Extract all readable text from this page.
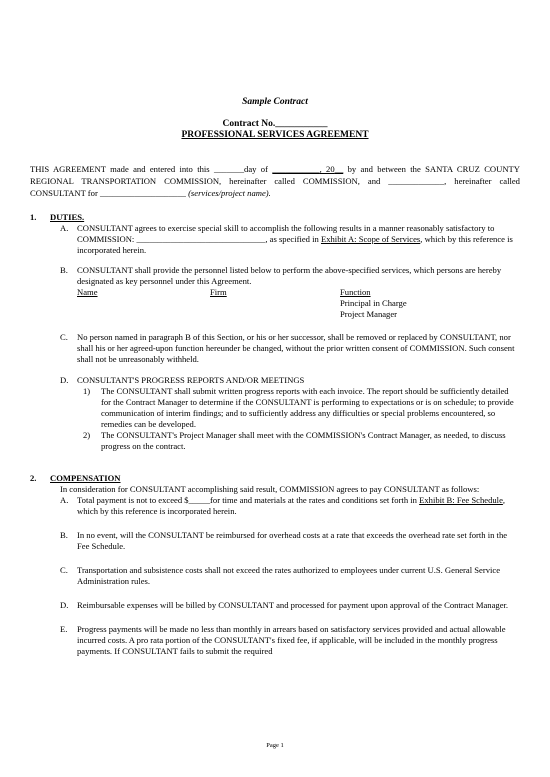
Sample Contract
Contract No.___________
PROFESSIONAL SERVICES AGREEMENT
THIS AGREEMENT made and entered into this _______day of ___________, 20__ by and between the SANTA CRUZ COUNTY REGIONAL TRANSPORTATION COMMISSION, hereinafter called COMMISSION, and _____________, hereinafter called CONSULTANT for ____________________ (services/project name).
1. DUTIES.
A. CONSULTANT agrees to exercise special skill to accomplish the following results in a manner reasonably satisfactory to COMMISSION: ______________________________, as specified in Exhibit A: Scope of Services, which by this reference is incorporated herein.
B. CONSULTANT shall provide the personnel listed below to perform the above-specified services, which persons are hereby designated as key personnel under this Agreement.
Name	Firm	Function
Principal in Charge
Project Manager
C. No person named in paragraph B of this Section, or his or her successor, shall be removed or replaced by CONSULTANT, nor shall his or her agreed-upon function hereunder be changed, without the prior written consent of COMMISSION. Such consent shall not be unreasonably withheld.
D. CONSULTANT'S PROGRESS REPORTS AND/OR MEETINGS
1) The CONSULTANT shall submit written progress reports with each invoice. The report should be sufficiently detailed for the Contract Manager to determine if the CONSULTANT is performing to expectations or is on schedule; to provide communication of interim findings; and to sufficiently address any difficulties or special problems encountered, so remedies can be developed.
2) The CONSULTANT's Project Manager shall meet with the COMMISSION's Contract Manager, as needed, to discuss progress on the contract.
2. COMPENSATION
In consideration for CONSULTANT accomplishing said result, COMMISSION agrees to pay CONSULTANT as follows:
A. Total payment is not to exceed $_____for time and materials at the rates and conditions set forth in Exhibit B: Fee Schedule, which by this reference is incorporated herein.
B. In no event, will the CONSULTANT be reimbursed for overhead costs at a rate that exceeds the overhead rate set forth in the Fee Schedule.
C. Transportation and subsistence costs shall not exceed the rates authorized to employees under current U.S. General Service Administration rules.
D. Reimbursable expenses will be billed by CONSULTANT and processed for payment upon approval of the Contract Manager.
E. Progress payments will be made no less than monthly in arrears based on satisfactory services provided and actual allowable incurred costs. A pro rata portion of the CONSULTANT's fixed fee, if applicable, will be included in the monthly progress payments. If CONSULTANT fails to submit the required
Page 1
